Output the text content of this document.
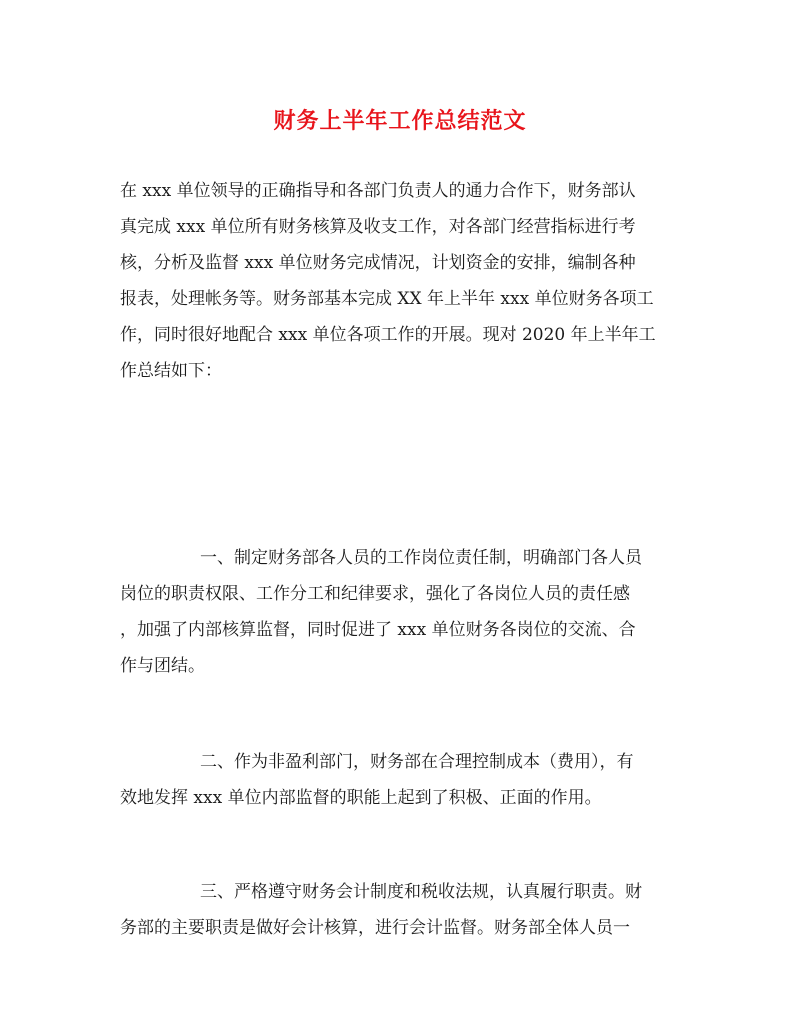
财务上半年工作总结范文
在 xxx 单位领导的正确指导和各部门负责人的通力合作下，财务部认
真完成 xxx 单位所有财务核算及收支工作，对各部门经营指标进行考
核，分析及监督 xxx 单位财务完成情况，计划资金的安排，编制各种
报表，处理帐务等。财务部基本完成 XX 年上半年 xxx 单位财务各项工
作，同时很好地配合 xxx 单位各项工作的开展。现对 2020 年上半年工
作总结如下：
一、制定财务部各人员的工作岗位责任制，明确部门各人员
岗位的职责权限、工作分工和纪律要求，强化了各岗位人员的责任感
，加强了内部核算监督，同时促进了 xxx 单位财务各岗位的交流、合
作与团结。
二、作为非盈利部门，财务部在合理控制成本（费用），有
效地发挥 xxx 单位内部监督的职能上起到了积极、正面的作用。
三、严格遵守财务会计制度和税收法规，认真履行职责。财
务部的主要职责是做好会计核算，进行会计监督。财务部全体人员一
